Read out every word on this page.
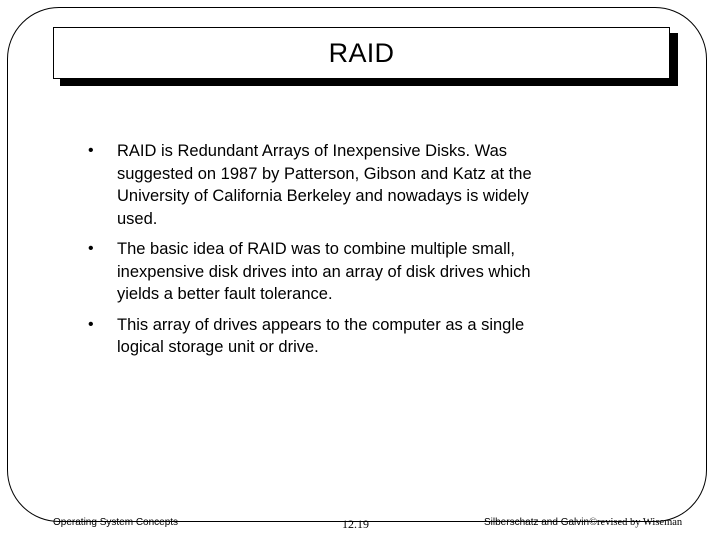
RAID
• RAID is Redundant Arrays of Inexpensive Disks. Was suggested on 1987 by Patterson, Gibson and Katz at the University of California Berkeley and nowadays is widely used.
• The basic idea of RAID was to combine multiple small, inexpensive disk drives into an array of disk drives which yields a better fault tolerance.
• This array of drives appears to the computer as a single logical storage unit or drive.
Operating System Concepts	12.19	Silberschatz and Galvin©revised by Wiseman
